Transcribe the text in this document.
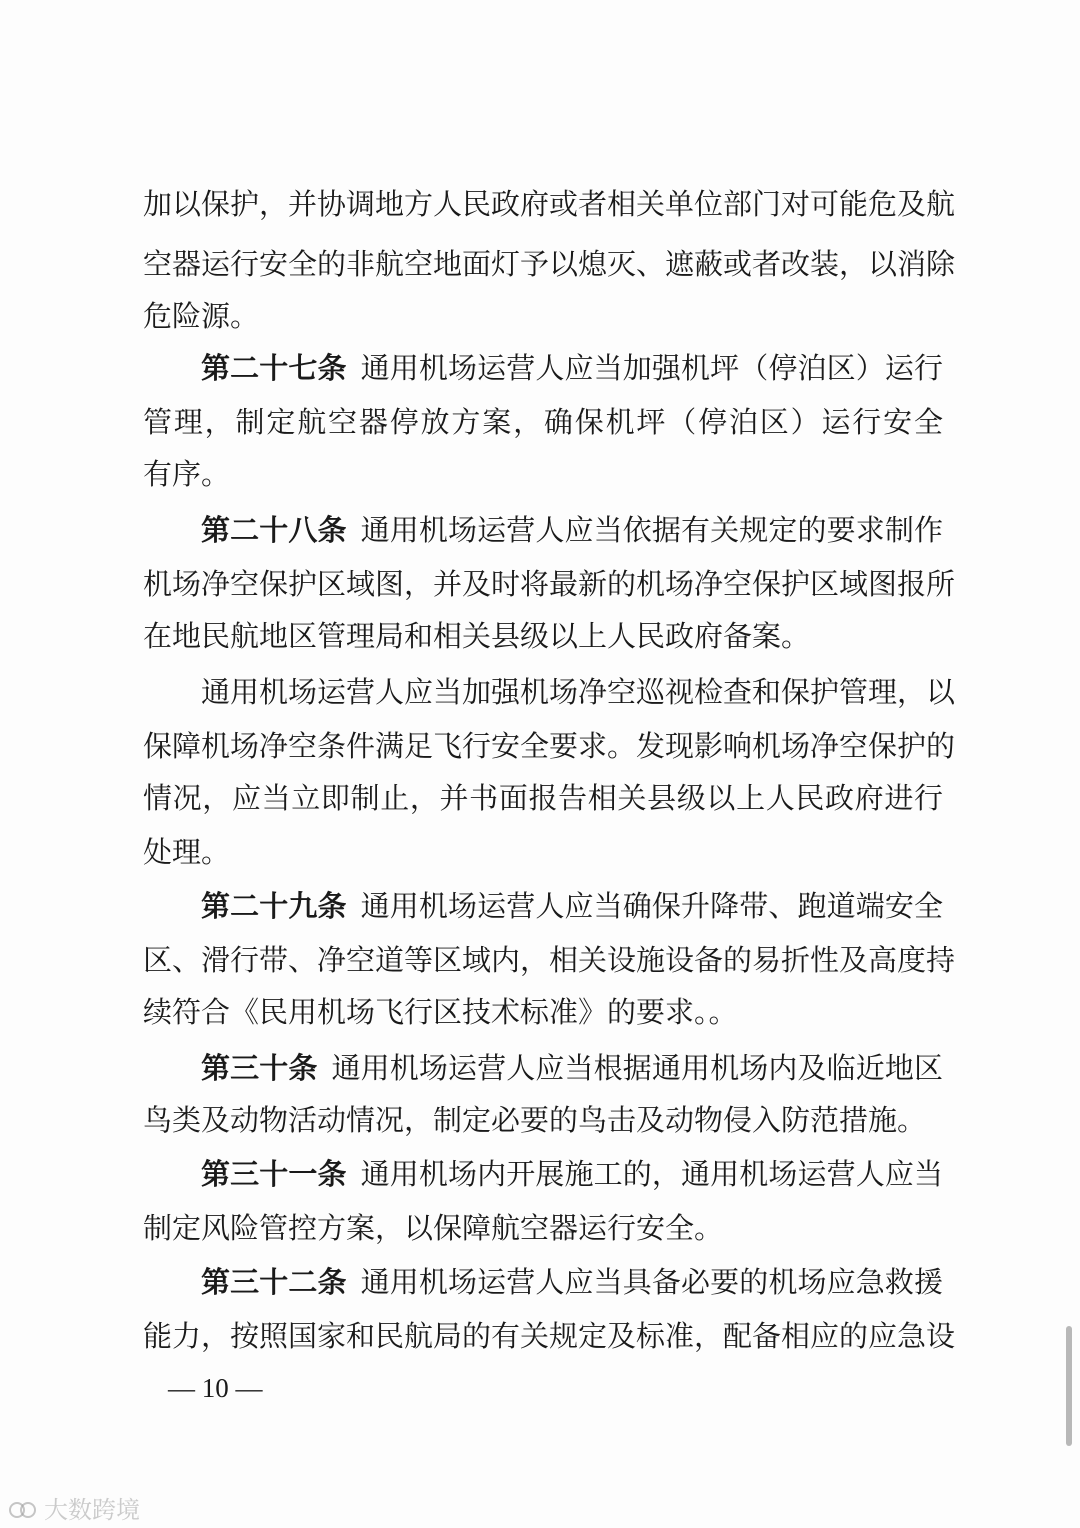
加以保护，并协调地方人民政府或者相关单位部门对可能危及航
空器运行安全的非航空地面灯予以熄灭、遮蔽或者改装，以消除
危险源。
第二十七条 通用机场运营人应当加强机坪（停泊区）运行
管理，制定航空器停放方案，确保机坪（停泊区）运行安全
有序。
第二十八条 通用机场运营人应当依据有关规定的要求制作
机场净空保护区域图，并及时将最新的机场净空保护区域图报所
在地民航地区管理局和相关县级以上人民政府备案。
通用机场运营人应当加强机场净空巡视检查和保护管理，以
保障机场净空条件满足飞行安全要求。发现影响机场净空保护的
情况，应当立即制止，并书面报告相关县级以上人民政府进行
处理。
第二十九条 通用机场运营人应当确保升降带、跑道端安全
区、滑行带、净空道等区域内，相关设施设备的易折性及高度持
续符合《民用机场飞行区技术标准》的要求。。
第三十条 通用机场运营人应当根据通用机场内及临近地区
鸟类及动物活动情况，制定必要的鸟击及动物侵入防范措施。
第三十一条 通用机场内开展施工的，通用机场运营人应当
制定风险管控方案，以保障航空器运行安全。
第三十二条 通用机场运营人应当具备必要的机场应急救援
能力，按照国家和民航局的有关规定及标准，配备相应的应急设
— 10 —
大数跨境
